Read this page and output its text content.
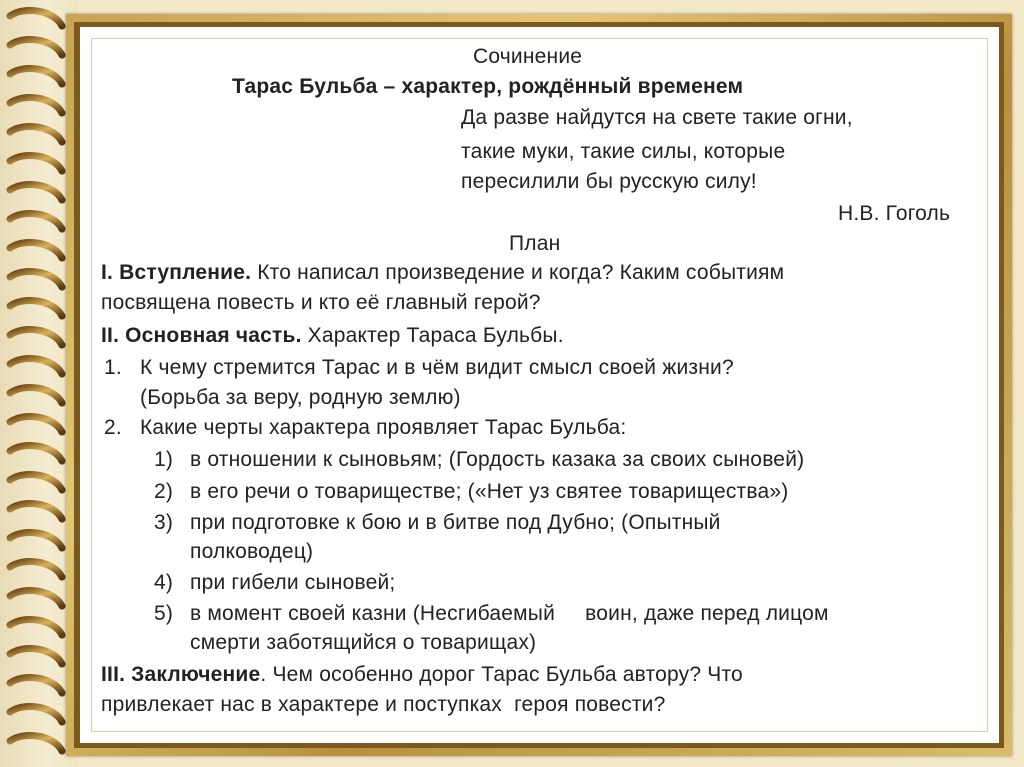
Сочинение
Тарас Бульба – характер, рождённый временем
Да разве найдутся на свете такие огни,
такие муки, такие силы, которые
пересилили бы русскую силу!
Н.В. Гоголь
План
I. Вступление. Кто написал произведение и когда? Каким событиям
посвящена повесть и кто её главный герой?
II. Основная часть. Характер Тараса Бульбы.
1. К чему стремится Тарас и в чём видит смысл своей жизни?
(Борьба за веру, родную землю)
2. Какие черты характера проявляет Тарас Бульба:
1) в отношении к сыновьям; (Гордость казака за своих сыновей)
2) в его речи о товариществе; («Нет уз святее товарищества»)
3) при подготовке к бою и в битве под Дубно; (Опытный
полководец)
4) при гибели сыновей;
5) в момент своей казни (Несгибаемый     воин, даже перед лицом
смерти заботящийся о товарищах)
III. Заключение. Чем особенно дорог Тарас Бульба автору? Что
привлекает нас в характере и поступках  героя повести?
